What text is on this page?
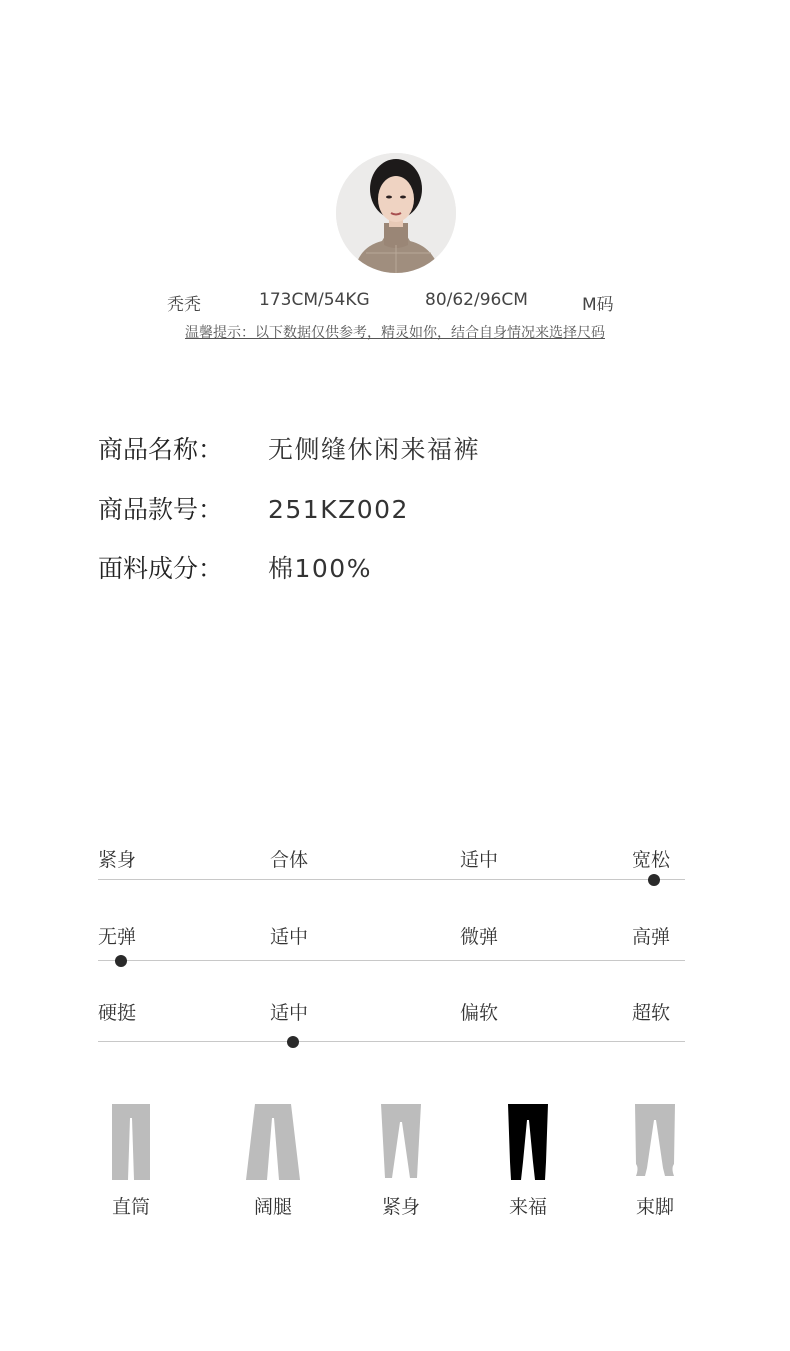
秃秃	173CM/54KG	80/62/96CM	M码
温馨提示：以下数据仅供参考，精灵如你，结合自身情况来选择尺码
商品名称： 无侧缝休闲来福裤
商品款号： 251KZ002
面料成分： 棉100%
紧身	合体	适中	宽松
无弹	适中	微弹	高弹
硬挺	适中	偏软	超软
直筒	阔腿	紧身	来福	束脚
